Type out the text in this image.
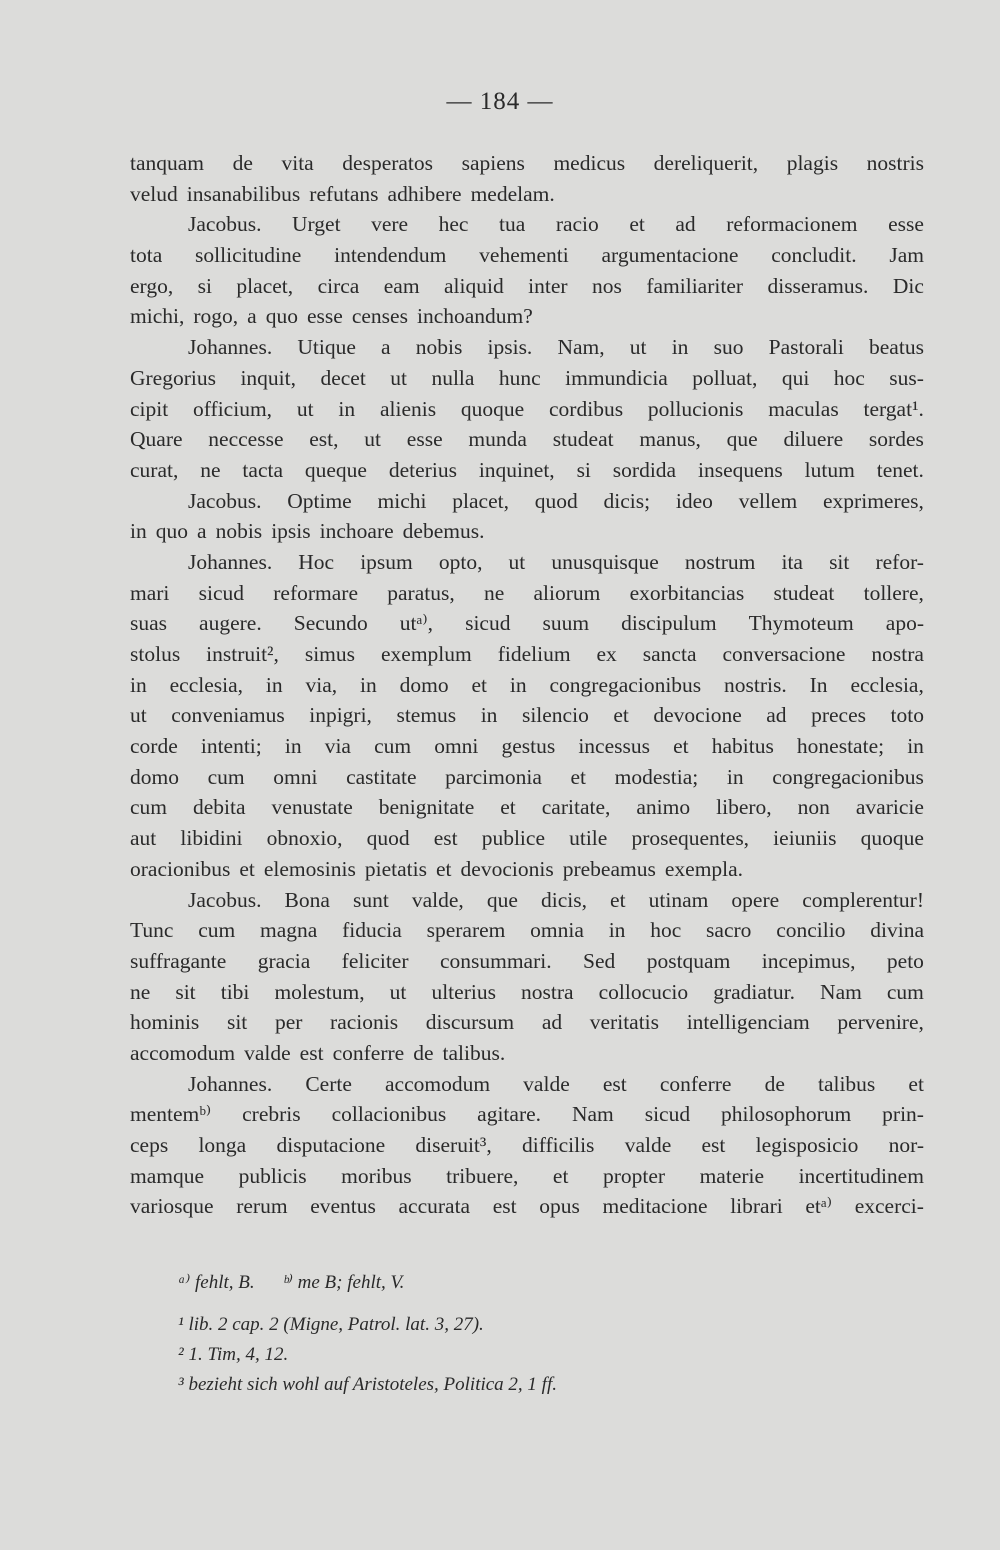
— 184 —
tanquam de vita desperatos sapiens medicus dereliquerit, plagis nostris
velud insanabilibus refutans adhibere medelam.
Jacobus. Urget vere hec tua racio et ad reformacionem esse
tota sollicitudine intendendum vehementi argumentacione concludit. Jam
ergo, si placet, circa eam aliquid inter nos familiariter disseramus. Dic
michi, rogo, a quo esse censes inchoandum?
Johannes. Utique a nobis ipsis. Nam, ut in suo Pastorali beatus
Gregorius inquit, decet ut nulla hunc immundicia polluat, qui hoc sus-
cipit officium, ut in alienis quoque cordibus pollucionis maculas tergat¹.
Quare neccesse est, ut esse munda studeat manus, que diluere sordes
curat, ne tacta queque deterius inquinet, si sordida insequens lutum tenet.
Jacobus. Optime michi placet, quod dicis; ideo vellem exprimeres,
in quo a nobis ipsis inchoare debemus.
Johannes. Hoc ipsum opto, ut unusquisque nostrum ita sit refor-
mari sicud reformare paratus, ne aliorum exorbitancias studeat tollere,
suas augere. Secundo utᵃ⁾, sicud suum discipulum Thymoteum apo-
stolus instruit², simus exemplum fidelium ex sancta conversacione nostra
in ecclesia, in via, in domo et in congregacionibus nostris. In ecclesia,
ut conveniamus inpigri, stemus in silencio et devocione ad preces toto
corde intenti; in via cum omni gestus incessus et habitus honestate; in
domo cum omni castitate parcimonia et modestia; in congregacionibus
cum debita venustate benignitate et caritate, animo libero, non avaricie
aut libidini obnoxio, quod est publice utile prosequentes, ieiuniis quoque
oracionibus et elemosinis pietatis et devocionis prebeamus exempla.
Jacobus. Bona sunt valde, que dicis, et utinam opere complerentur!
Tunc cum magna fiducia sperarem omnia in hoc sacro concilio divina
suffragante gracia feliciter consummari. Sed postquam incepimus, peto
ne sit tibi molestum, ut ulterius nostra collocucio gradiatur. Nam cum
hominis sit per racionis discursum ad veritatis intelligenciam pervenire,
accomodum valde est conferre de talibus.
Johannes. Certe accomodum valde est conferre de talibus et
mentemᵇ⁾ crebris collacionibus agitare. Nam sicud philosophorum prin-
ceps longa disputacione diseruit³, difficilis valde est legisposicio nor-
mamque publicis moribus tribuere, et propter materie incertitudinem
variosque rerum eventus accurata est opus meditacione librari etᵃ⁾ excerci-
ᵃ⁾ fehlt, B.      ᵇ⁾ me B; fehlt, V.
¹ lib. 2 cap. 2 (Migne, Patrol. lat. 3, 27).
² 1. Tim, 4, 12.
³ bezieht sich wohl auf Aristoteles, Politica 2, 1 ff.
